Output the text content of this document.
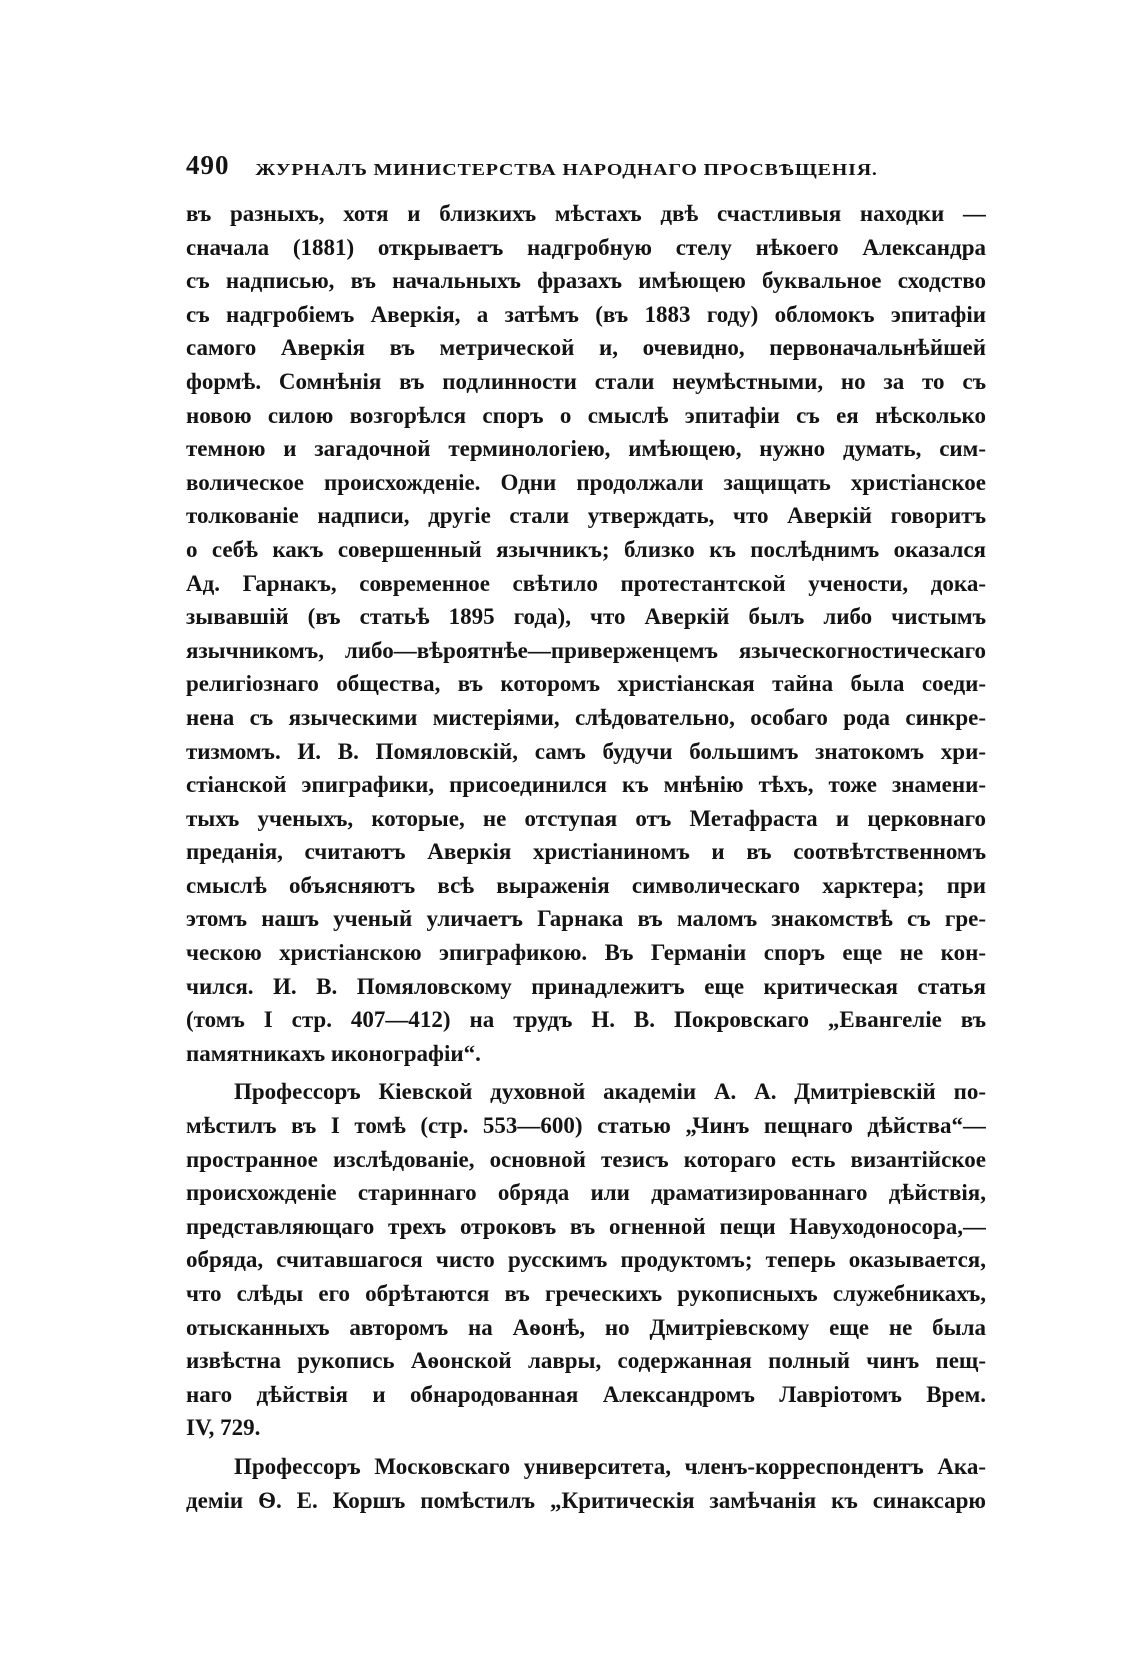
490 ЖУРНАЛЪ МИНИСТЕРСТВА НАРОДНАГО ПРОСВѢЩЕНІЯ.

въ разныхъ, хотя и близкихъ мѣстахъ двѣ счастливыя находки —
сначала (1881) открываетъ надгробную стелу нѣкоего Александра
съ надписью, въ начальныхъ фразахъ имѣющею буквальное сходство
съ надгробіемъ Аверкія, а затѣмъ (въ 1883 году) обломокъ эпитафіи
самого Аверкія въ метрической и, очевидно, первоначальнѣйшей
формѣ. Сомнѣнія въ подлинности стали неумѣстными, но за то съ
новою силою возгорѣлся споръ о смыслѣ эпитафіи съ ея нѣсколько
темною и загадочной терминологіею, имѣющею, нужно думать, сим-
волическое происхожденіе. Одни продолжали защищать христіанское
толкованіе надписи, другіе стали утверждать, что Аверкій говоритъ
о себѣ какъ совершенный язычникъ; близко къ послѣднимъ оказался
Ад. Гарнакъ, современное свѣтило протестантской учености, дока-
зывавшій (въ статьѣ 1895 года), что Аверкій былъ либо чистымъ
язычникомъ, либо—вѣроятнѣе—приверженцемъ языческогностическаго
религіознаго общества, въ которомъ христіанская тайна была соеди-
нена съ языческими мистеріями, слѣдовательно, особаго рода синкре-
тизмомъ. И. В. Помяловскій, самъ будучи большимъ знатокомъ хри-
стіанской эпиграфики, присоединился къ мнѣнію тѣхъ, тоже знамени-
тыхъ ученыхъ, которые, не отступая отъ Метафраста и церковнаго
преданія, считаютъ Аверкія христіаниномъ и въ соотвѣтственномъ
смыслѣ объясняютъ всѣ выраженія символическаго харктера; при
этомъ нашъ ученый уличаетъ Гарнака въ маломъ знакомствѣ съ гре-
ческою христіанскою эпиграфикою. Въ Германіи споръ еще не кон-
чился. И. В. Помяловскому принадлежитъ еще критическая статья
(томъ I стр. 407—412) на трудъ Н. В. Покровскаго „Евангеліе въ
памятникахъ иконографіи“.

Профессоръ Кіевской духовной академіи А. А. Дмитріевскій по-
мѣстилъ въ I томѣ (стр. 553—600) статью „Чинъ пещнаго дѣйства“—
пространное изслѣдованіе, основной тезисъ котораго есть византійское
происхожденіе стариннаго обряда или драматизированнаго дѣйствія,
представляющаго трехъ отроковъ въ огненной пещи Навуходоносора,—
обряда, считавшагося чисто русскимъ продуктомъ; теперь оказывается,
что слѣды его обрѣтаются въ греческихъ рукописныхъ служебникахъ,
отысканныхъ авторомъ на Аѳонѣ, но Дмитріевскому еще не была
извѣстна рукопись Аѳонской лавры, содержанная полный чинъ пещ-
наго дѣйствія и обнародованная Александромъ Лавріотомъ Врем.
IV, 729.

Профессоръ Московскаго университета, членъ-корреспондентъ Ака-
деміи Ѳ. Е. Коршъ помѣстилъ „Критическія замѣчанія къ синаксарю
